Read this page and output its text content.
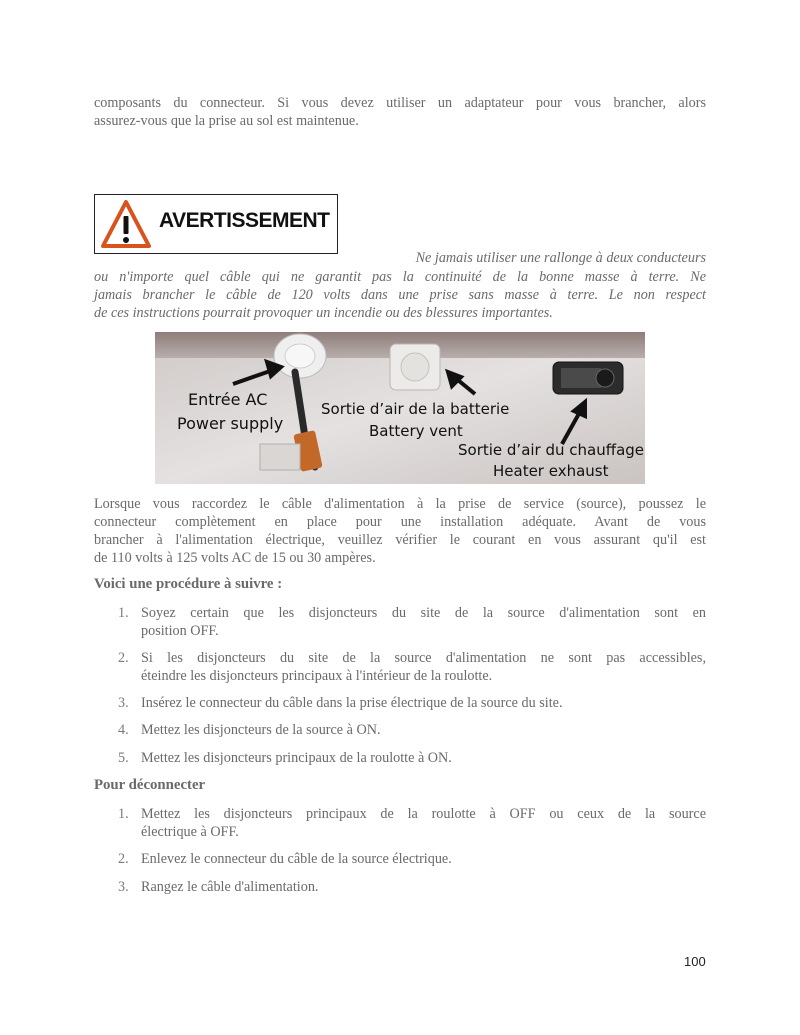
composants du connecteur. Si vous devez utiliser un adaptateur pour vous brancher, alors
assurez-vous que la prise au sol est maintenue.
AVERTISSEMENT
Ne jamais utiliser une rallonge à deux conducteurs
ou n'importe quel câble qui ne garantit pas la continuité de la bonne masse à terre. Ne
jamais brancher le câble de 120 volts dans une prise sans masse à terre. Le non respect
de ces instructions pourrait provoquer un incendie ou des blessures importantes.
Entrée AC
Power supply
Sortie d’air de la batterie
Battery vent
Sortie d’air du chauffage
Heater exhaust
Lorsque vous raccordez le câble d'alimentation à la prise de service (source), poussez le
connecteur complètement en place pour une installation adéquate. Avant de vous
brancher à l'alimentation électrique, veuillez vérifier le courant en vous assurant qu'il est
de 110 volts à 125 volts AC de 15 ou 30 ampères.
Voici une procédure à suivre :
1. Soyez certain que les disjoncteurs du site de la source d'alimentation sont en
position OFF.
2. Si les disjoncteurs du site de la source d'alimentation ne sont pas accessibles,
éteindre les disjoncteurs principaux à l'intérieur de la roulotte.
3. Insérez le connecteur du câble dans la prise électrique de la source du site.
4. Mettez les disjoncteurs de la source à ON.
5. Mettez les disjoncteurs principaux de la roulotte à ON.
Pour déconnecter
1. Mettez les disjoncteurs principaux de la roulotte à OFF ou ceux de la source
électrique à OFF.
2. Enlevez le connecteur du câble de la source électrique.
3. Rangez le câble d'alimentation.
100
